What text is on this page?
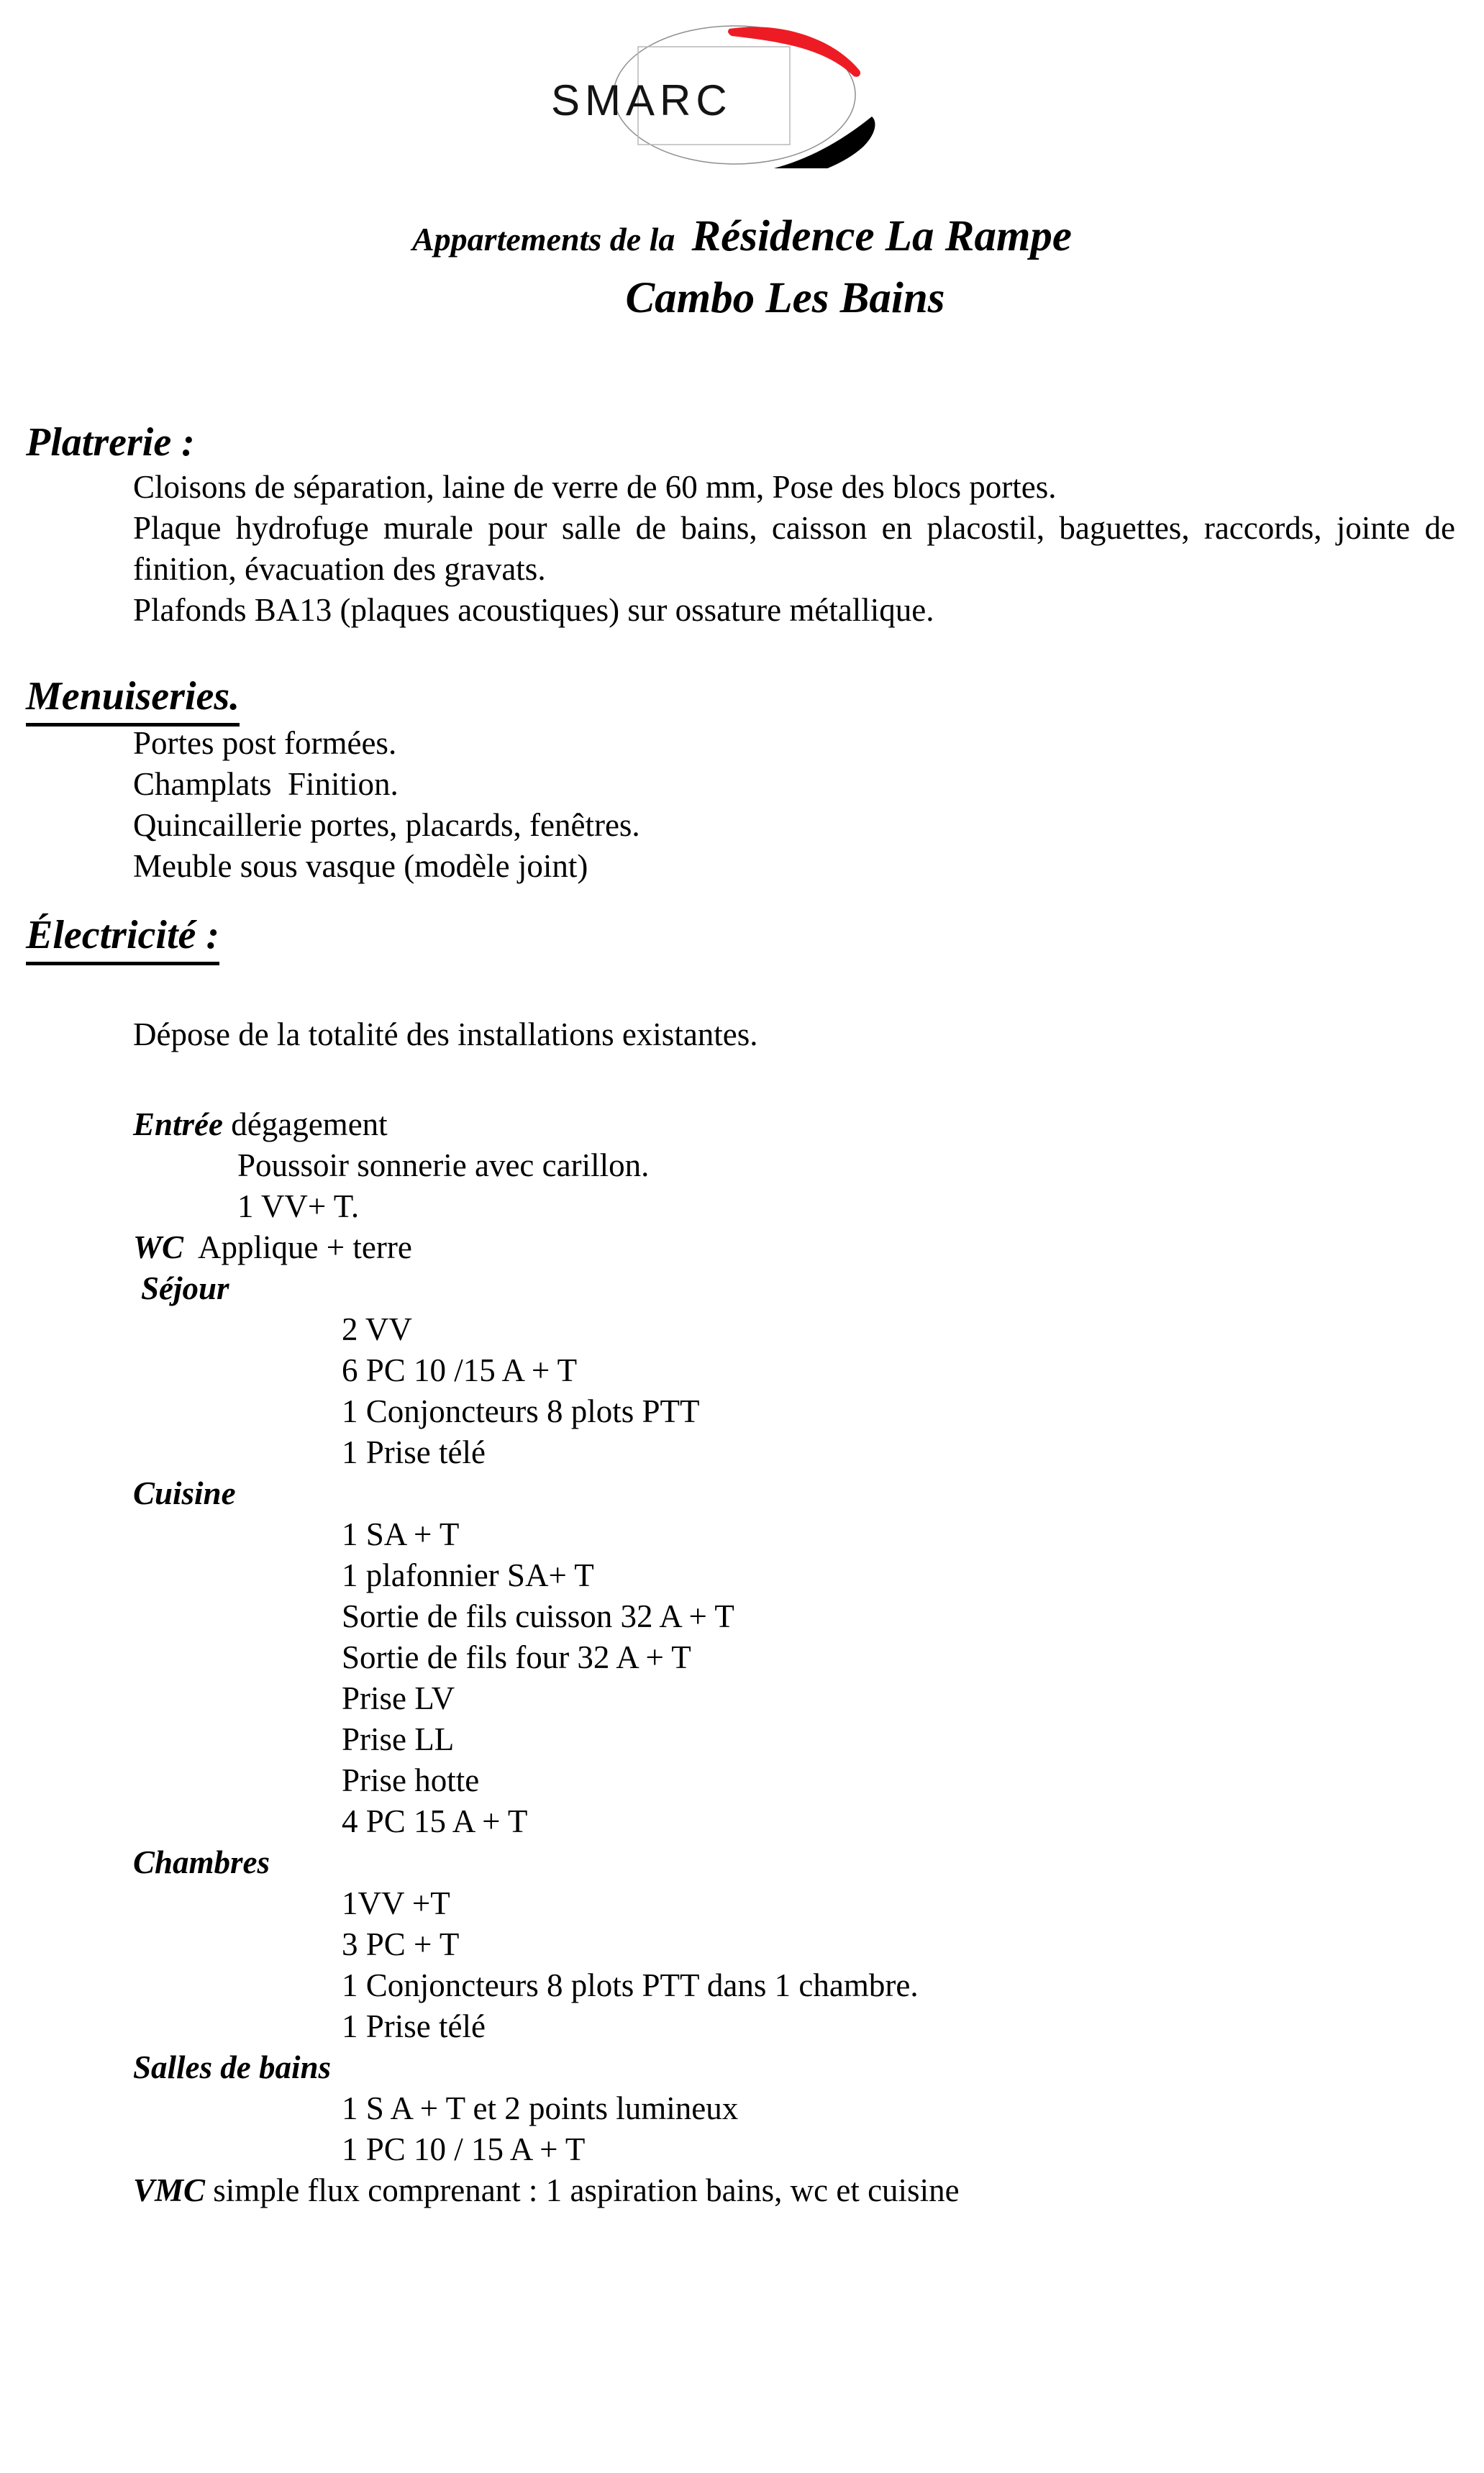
SMARC
Appartements de la  Résidence La Rampe
Cambo Les Bains
Platrerie :

Cloisons de séparation, laine de verre de 60 mm, Pose des blocs portes.

Plaque hydrofuge murale pour salle de bains, caisson en placostil, baguettes, raccords, jointe de finition, évacuation des gravats.

Plafonds BA13 (plaques acoustiques) sur ossature métallique.

Menuiseries.

Portes post formées.

Champlats  Finition.

Quincaillerie portes, placards, fenêtres.

Meuble sous vasque (modèle joint)

Électricité :

Dépose de la totalité des installations existantes.

Entrée dégagement
Poussoir sonnerie avec carillon.
1 VV+ T.
WC  Applique + terre
Séjour
2 VV
6 PC 10 /15 A + T
1 Conjoncteurs 8 plots PTT
1 Prise télé
Cuisine
1 SA + T
1 plafonnier SA+ T
Sortie de fils cuisson 32 A + T
Sortie de fils four 32 A + T
Prise LV
Prise LL
Prise hotte
4 PC 15 A + T
Chambres
1VV +T
3 PC + T
1 Conjoncteurs 8 plots PTT dans 1 chambre.
1 Prise télé
Salles de bains
1 S A + T et 2 points lumineux
1 PC 10 / 15 A + T
VMC simple flux comprenant : 1 aspiration bains, wc et cuisine
